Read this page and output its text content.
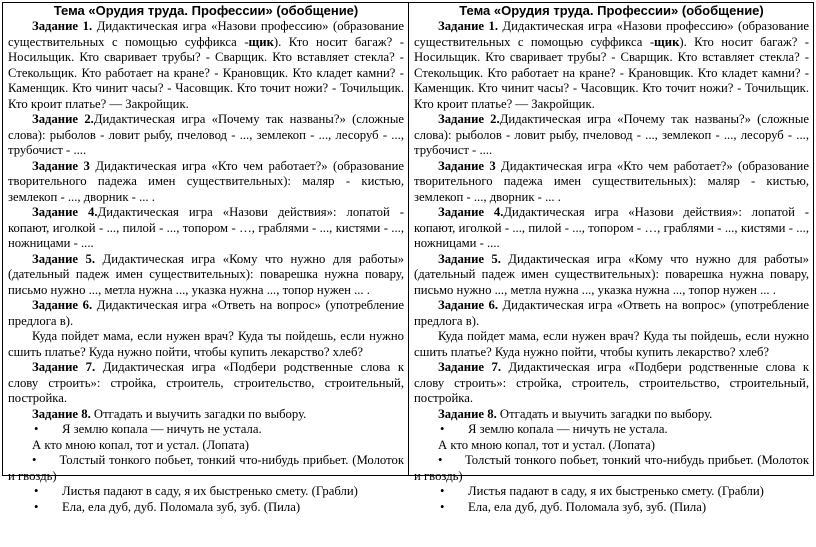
Тема «Орудия труда. Профессии» (обобщение)

Задание 1. Дидактическая игра «Назови профессию» (образование существительных с помощью суффикса -щик). Кто носит багаж? - Носильщик. Кто сваривает трубы? - Сварщик. Кто вставляет стекла? - Стекольщик. Кто работает на кране? - Крановщик. Кто кладет камни? - Каменщик. Кто чинит часы? - Часовщик. Кто точит ножи? - Точильщик. Кто кроит платье? — Закройщик.

Задание 2.Дидактическая игра «Почему так названы?» (сложные слова): рыболов - ловит рыбу, пчеловод - ..., землекоп - ..., лесоруб - ..., трубочист - ....

Задание 3 Дидактическая игра «Кто чем работает?» (образование творительного падежа имен существительных): маляр - кистью, землекоп - ..., дворник - ... .

Задание 4.Дидактическая игра «Назови действия»: лопатой - копают, иголкой - ..., пилой - ..., топором - …, граблями - ..., кистями - ..., ножницами - ....

Задание 5. Дидактическая игра «Кому что нужно для работы» (дательный падеж имен существительных): поварешка нужна повару, письмо нужно ..., метла нужна ..., указка нужна ..., топор нужен ... .

Задание 6. Дидактическая игра «Ответь на вопрос» (употребление предлога в).

Куда пойдет мама, если нужен врач? Куда ты пойдешь, если нужно сшить платье? Куда нужно пойти, чтобы купить лекарство? хлеб?

Задание 7. Дидактическая игра «Подбери родственные слова к слову строить»: стройка, строитель, строительство, строительный, постройка.

Задание 8. Отгадать и выучить загадки по выбору.

• Я землю копала — ничуть не устала.

А кто мною копал, тот и устал. (Лопата)

• Толстый тонкого побьет, тонкий что-нибудь прибьет. (Молоток и гвоздь)

• Листья падают в саду, я их быстренько смету. (Грабли)

• Ела, ела дуб, дуб. Поломала зуб, зуб. (Пила)

Тема «Орудия труда. Профессии» (обобщение)

Задание 1. Дидактическая игра «Назови профессию» (образование существительных с помощью суффикса -щик). Кто носит багаж? - Носильщик. Кто сваривает трубы? - Сварщик. Кто вставляет стекла? - Стекольщик. Кто работает на кране? - Крановщик. Кто кладет камни? - Каменщик. Кто чинит часы? - Часовщик. Кто точит ножи? - Точильщик. Кто кроит платье? — Закройщик.

Задание 2.Дидактическая игра «Почему так названы?» (сложные слова): рыболов - ловит рыбу, пчеловод - ..., землекоп - ..., лесоруб - ..., трубочист - ....

Задание 3 Дидактическая игра «Кто чем работает?» (образование творительного падежа имен существительных): маляр - кистью, землекоп - ..., дворник - ... .

Задание 4.Дидактическая игра «Назови действия»: лопатой - копают, иголкой - ..., пилой - ..., топором - …, граблями - ..., кистями - ..., ножницами - ....

Задание 5. Дидактическая игра «Кому что нужно для работы» (дательный падеж имен существительных): поварешка нужна повару, письмо нужно ..., метла нужна ..., указка нужна ..., топор нужен ... .

Задание 6. Дидактическая игра «Ответь на вопрос» (употребление предлога в).

Куда пойдет мама, если нужен врач? Куда ты пойдешь, если нужно сшить платье? Куда нужно пойти, чтобы купить лекарство? хлеб?

Задание 7. Дидактическая игра «Подбери родственные слова к слову строить»: стройка, строитель, строительство, строительный, постройка.

Задание 8. Отгадать и выучить загадки по выбору.

• Я землю копала — ничуть не устала.

А кто мною копал, тот и устал. (Лопата)

• Толстый тонкого побьет, тонкий что-нибудь прибьет. (Молоток и гвоздь)

• Листья падают в саду, я их быстренько смету. (Грабли)

• Ела, ела дуб, дуб. Поломала зуб, зуб. (Пила)
